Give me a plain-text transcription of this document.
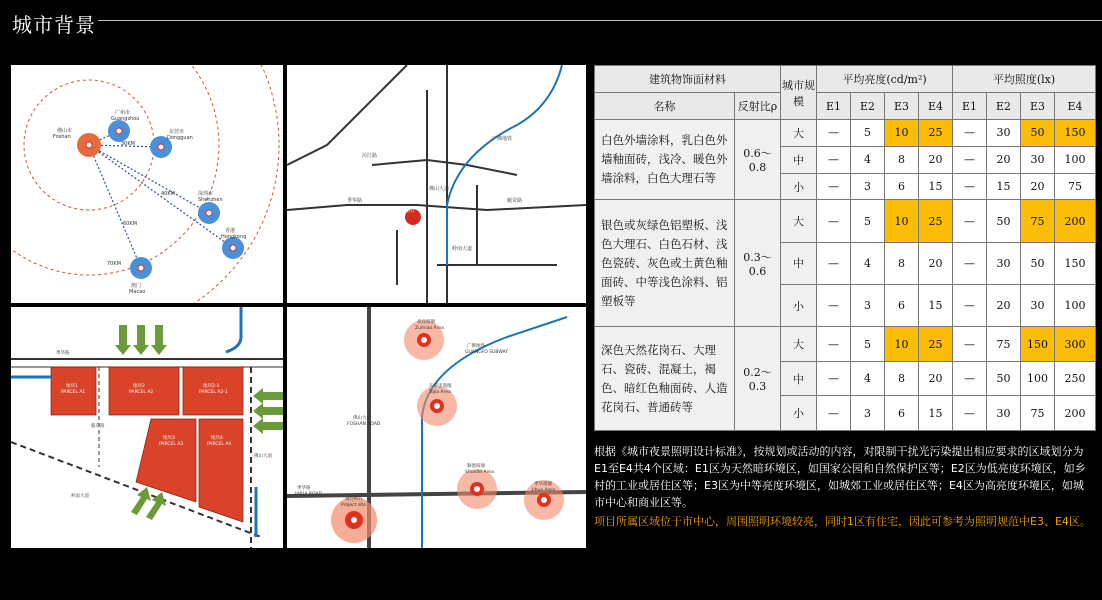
城市背景
广州市
Guangzhou
佛山市
Foshan
东莞市
Dongguan
深圳市
Shenzhen
香港
Hongkong
澳门
Macao
30KM
40KM
60KM
70KM
汾江路
季华路
佛山大道
岭南大道
魁奇路
广佛地铁
项目
地块1
PARCEL A1
地块2
PARCEL A2
地块2-1
PARCEL A2-1
地块3
PARCEL A3
地块4
PARCEL A4
季华路
魁奇路
佛山大道
岭南大道
祖庙商圈
Zumiao Area
东华里商圈
Tojia Area
顺德商圈
Shunde Area
季华商圈
Jihua Area
项目所在
Project site
季华路
JIHUA ROAD
佛山大道
FOSHAN ROAD
广佛地铁
GUANGFO SUBWAY
建筑物饰面材料		城市规模	平均亮度(cd/m²)				平均照度(lx)			
名称	反射比ρ		E1	E2	E3	E4	E1	E2	E3	E4
白色外墙涂料，乳白色外墙釉面砖，浅冷、暖色外墙涂料，白色大理石等	0.6～0.8	大	—	5	10	25	—	30	50	150
		中	—	4	8	20	—	20	30	100
		小	—	3	6	15	—	15	20	75
银色或灰绿色铝塑板、浅色大理石、白色石材、浅色瓷砖、灰色或土黄色釉面砖、中等浅色涂料、铝塑板等	0.3～0.6	大	—	5	10	25	—	50	75	200
		中	—	4	8	20	—	30	50	150
		小	—	3	6	15	—	20	30	100
深色天然花岗石、大理石、瓷砖、混凝土，褐色、暗红色釉面砖、人造花岗石、普通砖等	0.2～0.3	大	—	5	10	25	—	75	150	300
		中	—	4	8	20	—	50	100	250
		小	—	3	6	15	—	30	75	200
根据《城市夜景照明设计标准》，按规划或活动的内容，对限制干扰光污染提出相应要求的区域划分为E1至E4共4个区域：E1区为天然暗环境区，如国家公园和自然保护区等；E2区为低亮度环境区，如乡村的工业或居住区等；E3区为中等亮度环境区，如城郊工业或居住区等；E4区为高亮度环境区，如城市中心和商业区等。
项目所属区域位于市中心，周围照明环境较亮，同时1区有住宅，因此可参考为照明规范中E3、E4区。
